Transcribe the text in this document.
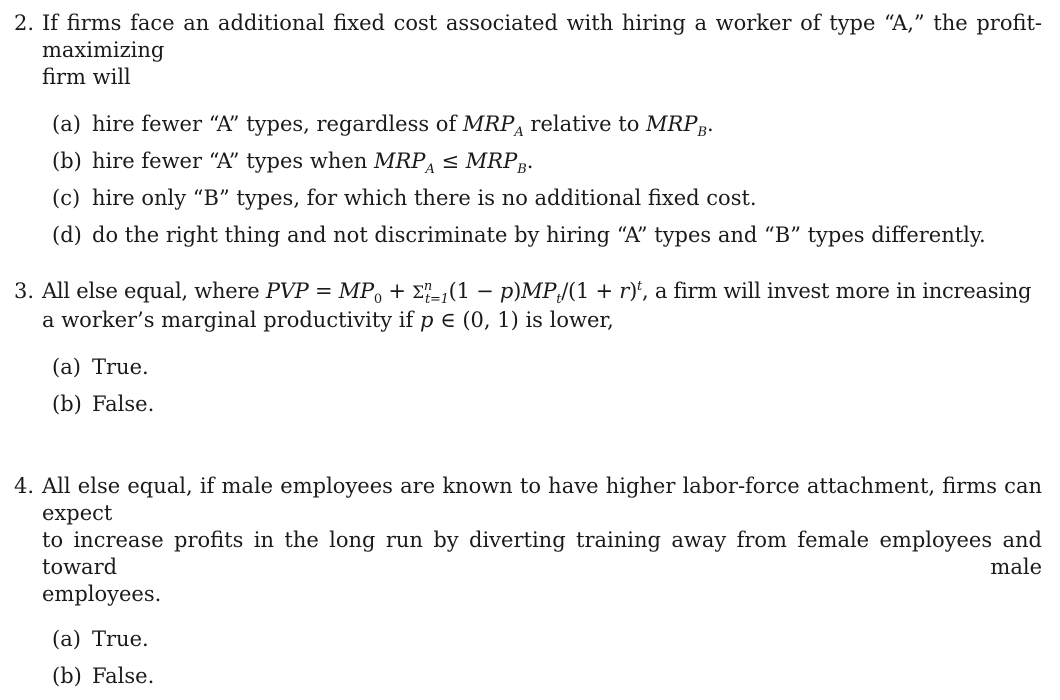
2. If firms face an additional fixed cost associated with hiring a worker of type “A,” the profit-maximizing
firm will
(a) hire fewer “A” types, regardless of $MRP_A$ relative to $MRP_B$.
(b) hire fewer “A” types when $MRP_A \le MRP_B$.
(c) hire only “B” types, for which there is no additional fixed cost.
(d) do the right thing and not discriminate by hiring “A” types and “B” types differently.
3. All else equal, where PVP = $MP_0 + \Sigma^n_{t=1}(1 - p)MP_t/(1 + r)^t$, a firm will invest more in increasing
a worker’s marginal productivity if p ∈ (0, 1) is lower,
(a) True.
(b) False.
4. All else equal, if male employees are known to have higher labor-force attachment, firms can expect
to increase profits in the long run by diverting training away from female employees and toward male
employees.
(a) True.
(b) False.
